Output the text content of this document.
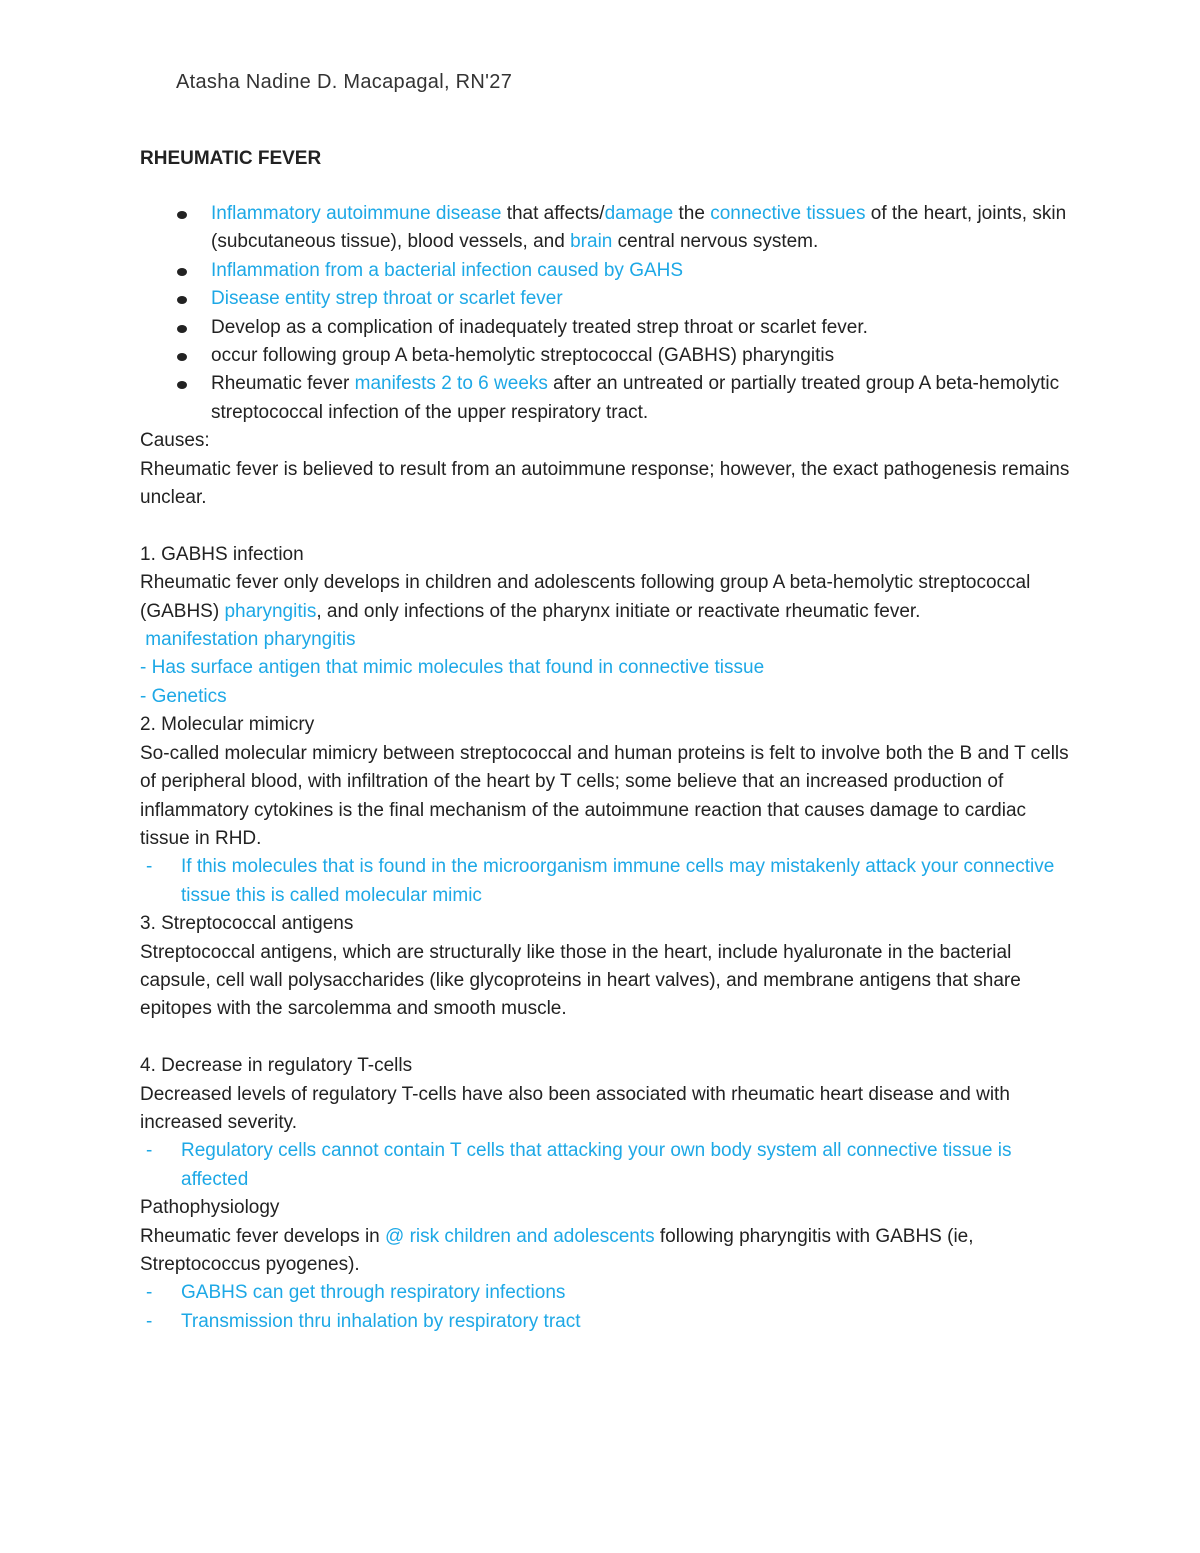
Atasha Nadine D. Macapagal, RN'27
RHEUMATIC FEVER
Inflammatory autoimmune disease that affects/damage the connective tissues of the heart, joints, skin (subcutaneous tissue), blood vessels, and brain central nervous system.
Inflammation from a bacterial infection caused by GAHS
Disease entity strep throat or scarlet fever
Develop as a complication of inadequately treated strep throat or scarlet fever.
occur following group A beta-hemolytic streptococcal (GABHS) pharyngitis
Rheumatic fever manifests 2 to 6 weeks after an untreated or partially treated group A beta-hemolytic streptococcal infection of the upper respiratory tract.

Causes:

Rheumatic fever is believed to result from an autoimmune response; however, the exact pathogenesis remains unclear.

1. GABHS infection

Rheumatic fever only develops in children and adolescents following group A beta-hemolytic streptococcal (GABHS) pharyngitis, and only infections of the pharynx initiate or reactivate rheumatic fever.

manifestation pharyngitis

- Has surface antigen that mimic molecules that found in connective tissue

- Genetics

2. Molecular mimicry

So-called molecular mimicry between streptococcal and human proteins is felt to involve both the B and T cells of peripheral blood, with infiltration of the heart by T cells; some believe that an increased production of inflammatory cytokines is the final mechanism of the autoimmune reaction that causes damage to cardiac tissue in RHD.

- If this molecules that is found in the microorganism immune cells may mistakenly attack your connective tissue this is called molecular mimic

3. Streptococcal antigens

Streptococcal antigens, which are structurally like those in the heart, include hyaluronate in the bacterial capsule, cell wall polysaccharides (like glycoproteins in heart valves), and membrane antigens that share epitopes with the sarcolemma and smooth muscle.

4. Decrease in regulatory T-cells

Decreased levels of regulatory T-cells have also been associated with rheumatic heart disease and with increased severity.

- Regulatory cells cannot contain T cells that attacking your own body system all connective tissue is affected

Pathophysiology

Rheumatic fever develops in @ risk children and adolescents following pharyngitis with GABHS (ie, Streptococcus pyogenes).

- GABHS can get through respiratory infections
- Transmission thru inhalation by respiratory tract
